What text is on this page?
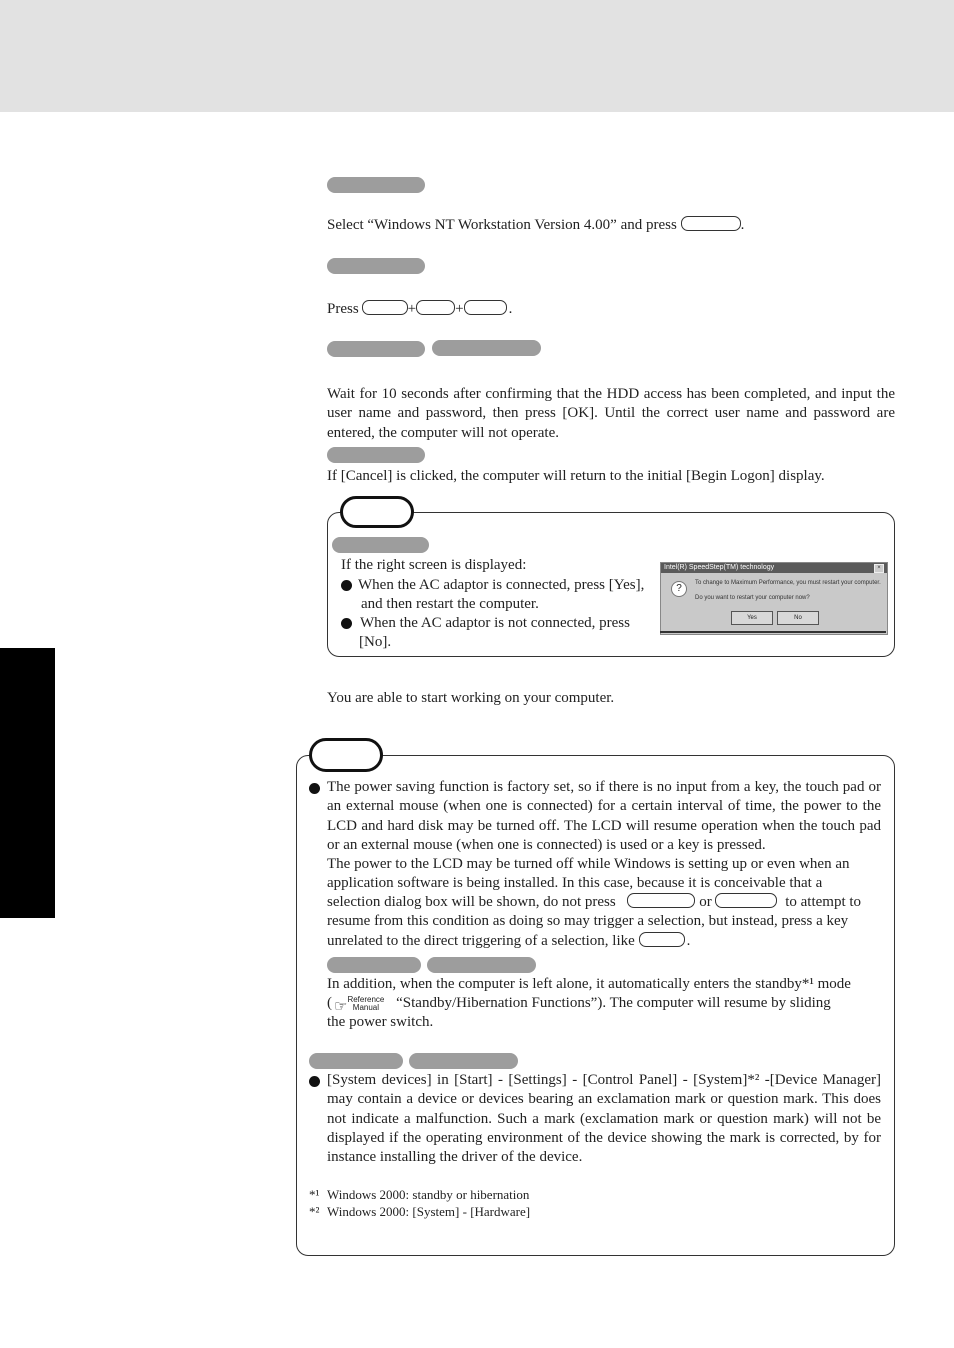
Select “Windows NT Workstation Version 4.00” and press	.
Press	+	+	.
Wait for 10 seconds after confirming that the HDD access has been completed, and input the user name and password, then press [OK]. Until the correct user name and password are entered, the computer will not operate.
If [Cancel] is clicked, the computer will return to the initial [Begin Logon] display.
If the right screen is displayed:
When the AC adaptor is connected, press [Yes],
and then restart the computer.
When the AC adaptor is not connected, press
[No].
Intel(R) SpeedStep(TM) technology	×
?	To change to Maximum Performance, you must restart your computer.
Do you want to restart your computer now?
Yes	No
You are able to start working on your computer.
The power saving function is factory set, so if there is no input from a key, the touch pad or an external mouse (when one is connected) for a certain interval of time, the power to the LCD and hard disk may be turned off. The LCD will resume operation when the touch pad or an external mouse (when one is connected) is used or a key is pressed.
The power to the LCD may be turned off while Windows is setting up or even when an
application software is being installed. In this case, because it is conceivable that a
selection dialog box will be shown, do not press	or	to attempt to
resume from this condition as doing so may trigger a selection, but instead, press a key
unrelated to the direct triggering of a selection, like	.
In addition, when the computer is left alone, it automatically enters the standby*¹ mode
( ☞Reference
Manual “Standby/Hibernation Functions”). The computer will resume by sliding
the power switch.
[System devices] in [Start] - [Settings] - [Control Panel] - [System]*² -[Device Manager] may contain a device or devices bearing an exclamation mark or question mark. This does not indicate a malfunction. Such a mark (exclamation mark or question mark) will not be displayed if the operating environment of the device showing the mark is corrected, by for instance installing the driver of the device.
*¹ Windows 2000: standby or hibernation
*² Windows 2000: [System] - [Hardware]
